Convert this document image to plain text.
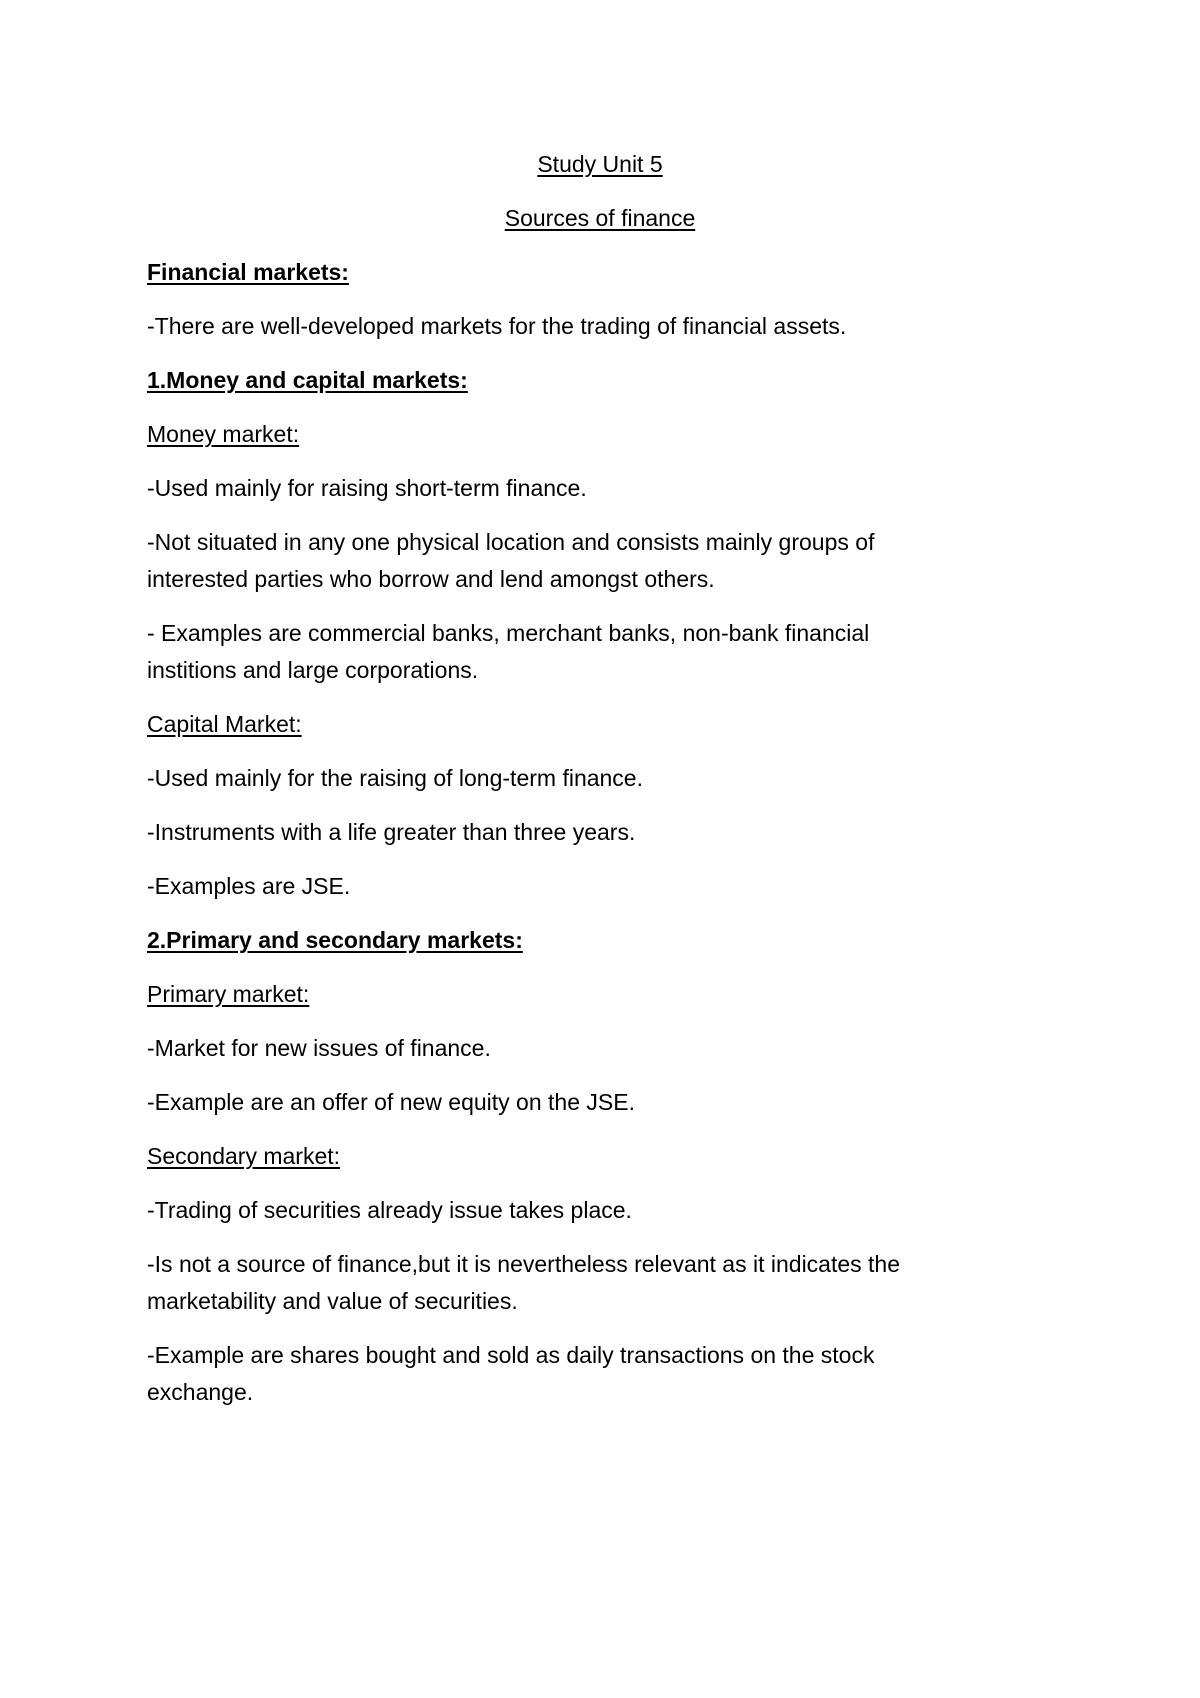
Study Unit 5
Sources of finance
Financial markets:
-There are well-developed markets for the trading of financial assets.
1.Money and capital markets:
Money market:
-Used mainly for raising short-term finance.
-Not situated in any one physical location and consists mainly groups of
interested parties who borrow and lend amongst others.
- Examples are commercial banks, merchant banks, non-bank financial
institions and large corporations.
Capital Market:
-Used mainly for the raising of long-term finance.
-Instruments with a life greater than three years.
-Examples are JSE.
2.Primary and secondary markets:
Primary market:
-Market for new issues of finance.
-Example are an offer of new equity on the JSE.
Secondary market:
-Trading of securities already issue takes place.
-Is not a source of finance,but it is nevertheless relevant as it indicates the
marketability and value of securities.
-Example are shares bought and sold as daily transactions on the stock
exchange.
